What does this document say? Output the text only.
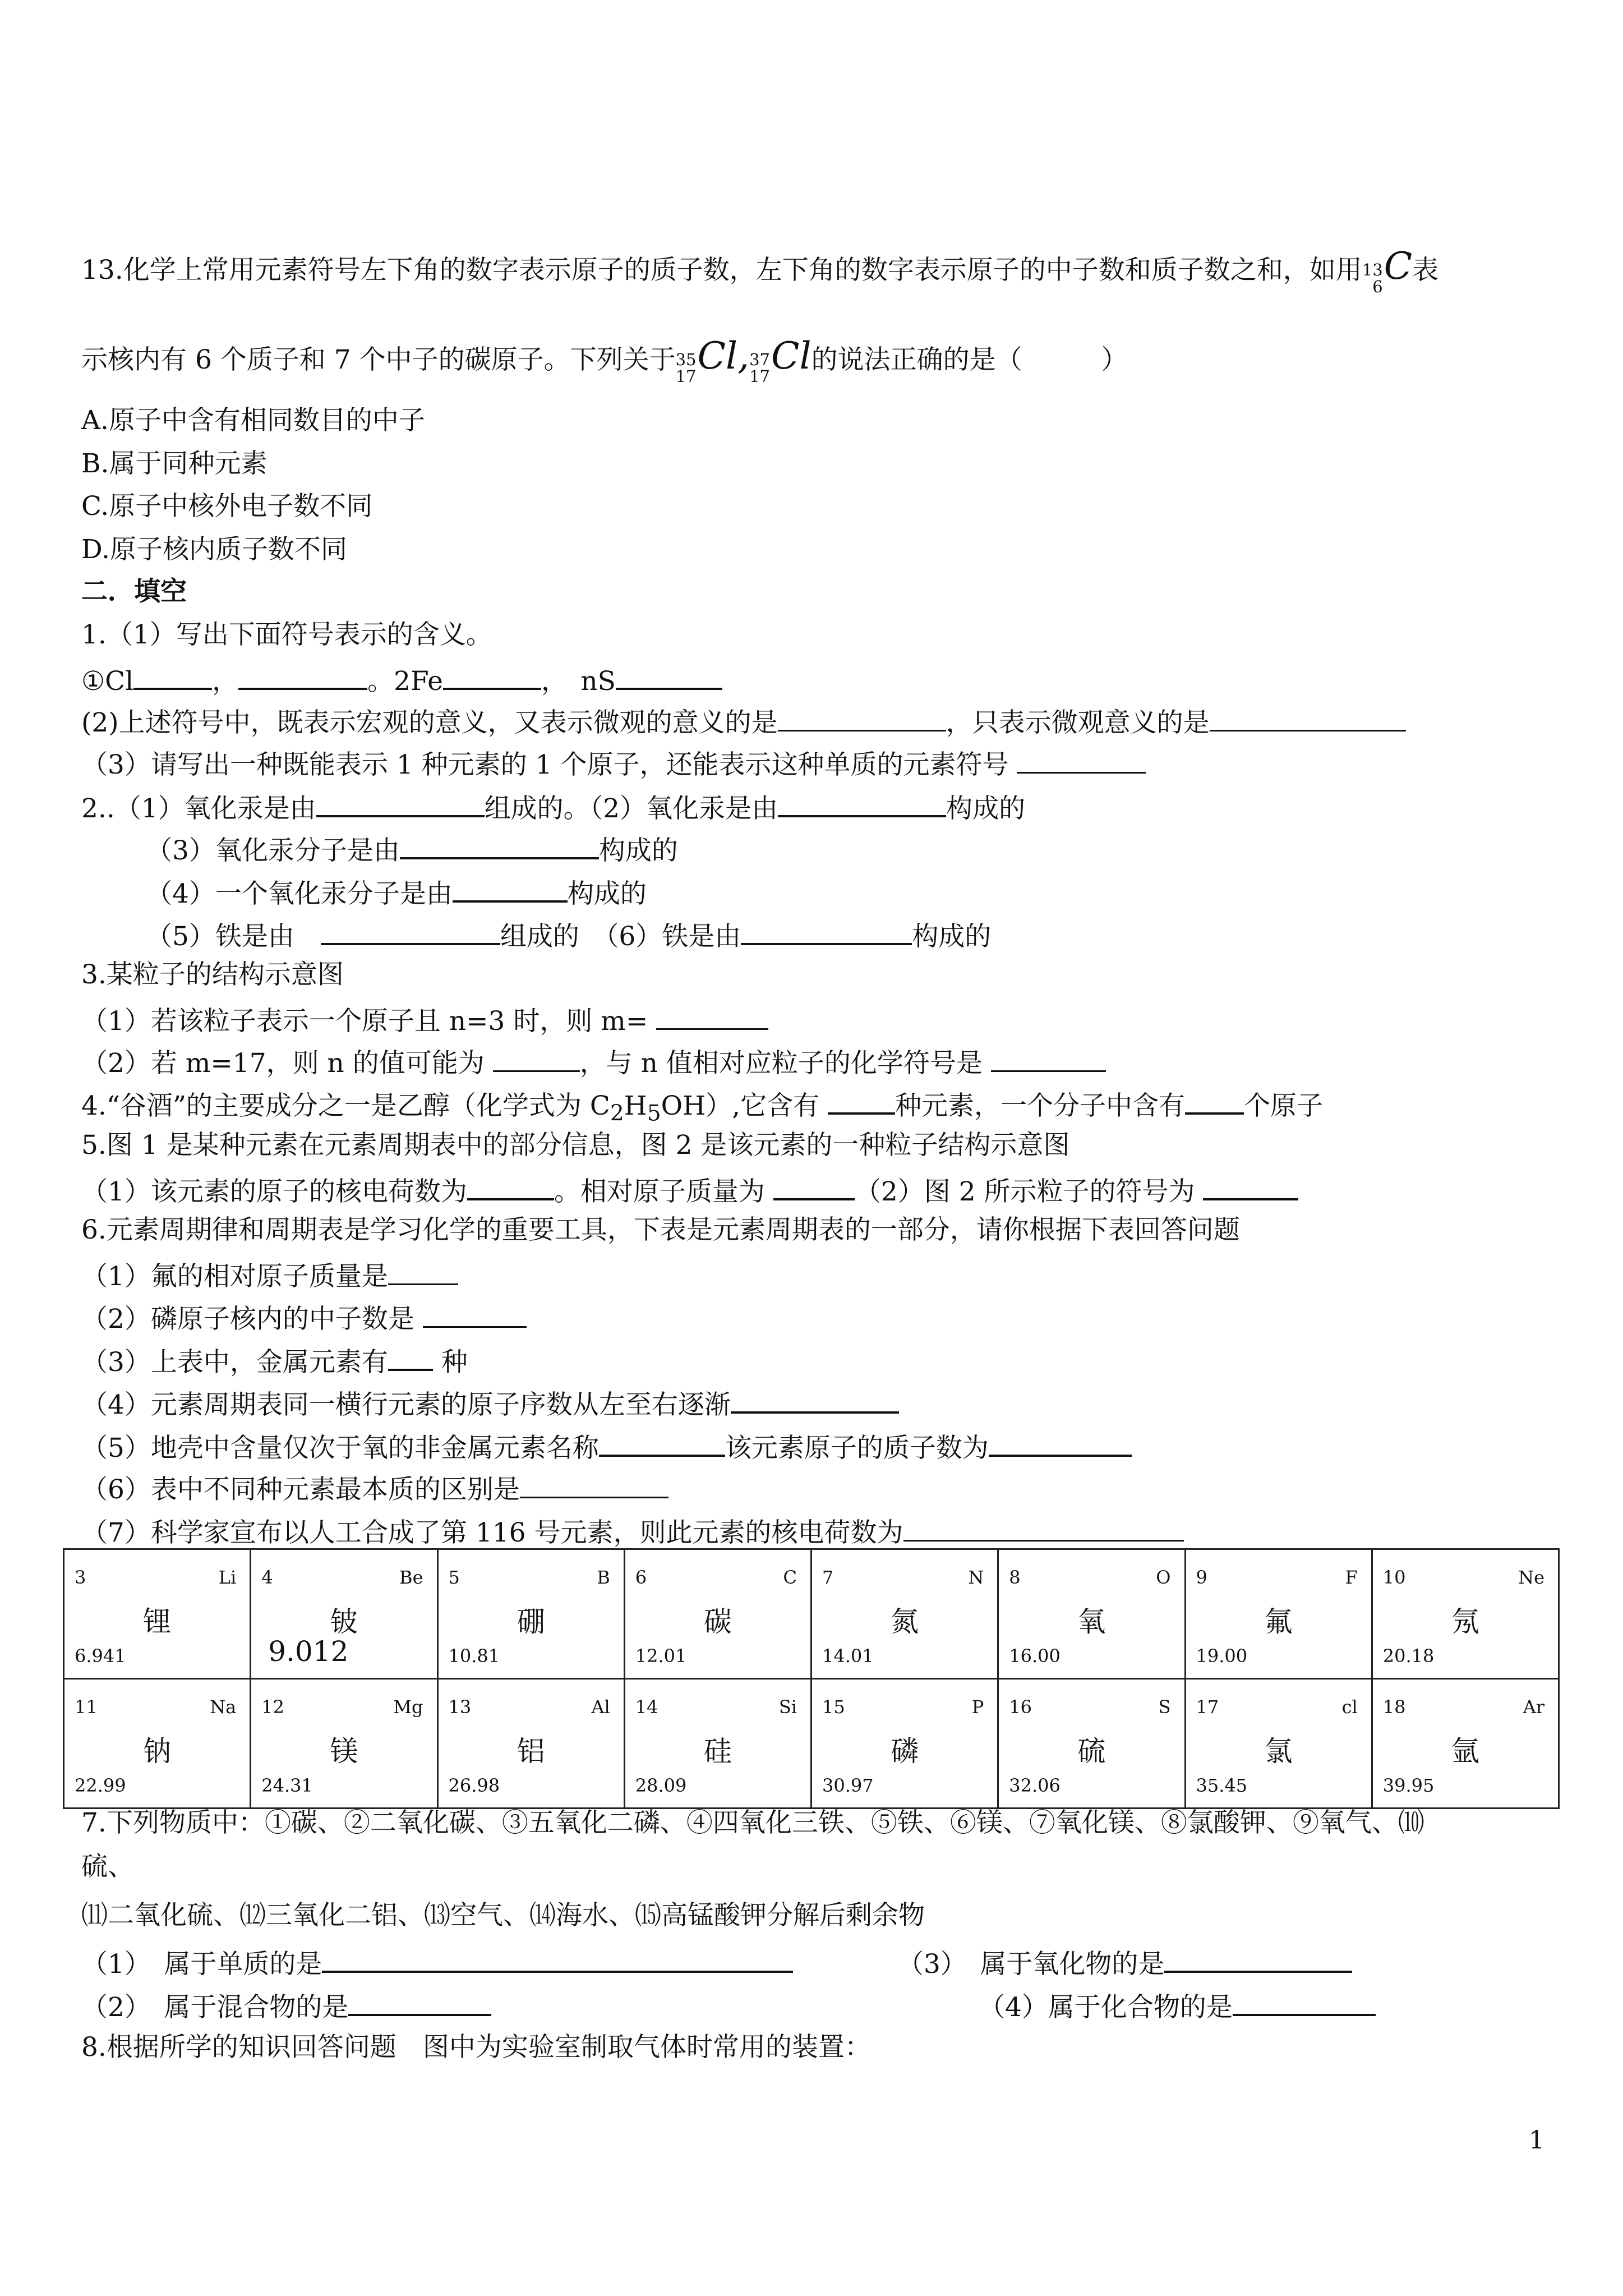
13.化学上常用元素符号左下角的数字表示原子的质子数，左下角的数字表示原子的中子数和质子数之和，如用 13
6 C 表
示核内有 6 个质子和 7 个中子的碳原子。下列关于 35
17 Cl , 37
17 Cl 的说法正确的是（　　　）
A.原子中含有相同数目的中子
B.属于同种元素
C.原子中核外电子数不同
D.原子核内质子数不同
二．填空
1.（1）写出下面符号表示的含义。
①Cl	，	。2Fe	，　nS
(2)上述符号中，既表示宏观的意义，又表示微观的意义的是	，只表示微观意义的是
（3）请写出一种既能表示 1 种元素的 1 个原子，还能表示这种单质的元素符号
2..（1）氧化汞是由	组成的。（2）氧化汞是由	构成的
（3）氧化汞分子是由	构成的
（4）一个氧化汞分子是由	构成的
（5）铁是由　	组成的　（6）铁是由	构成的
3.某粒子的结构示意图
（1）若该粒子表示一个原子且 n=3 时，则 m=
（2）若 m=17，则 n 的值可能为	，与 n 值相对应粒子的化学符号是
4.“谷酒”的主要成分之一是乙醇（化学式为 $C_2H_5OH$）,它含有	种元素，一个分子中含有 个原子
5.图 1 是某种元素在元素周期表中的部分信息，图 2 是该元素的一种粒子结构示意图
（1）该元素的原子的核电荷数为	。相对原子质量为	（2）图 2 所示粒子的符号为
6.元素周期律和周期表是学习化学的重要工具，下表是元素周期表的一部分，请你根据下表回答问题
（1）氟的相对原子质量是
（2）磷原子核内的中子数是
（3）上表中，金属元素有 种
（4）元素周期表同一横行元素的原子序数从左至右逐渐
（5）地壳中含量仅次于氧的非金属元素名称	该元素原子的质子数为
（6）表中不同种元素最本质的区别是
（7）科学家宣布以人工合成了第 116 号元素，则此元素的核电荷数为
3 Li
锂
6.941	4 Be
铍
9.012	5 B
硼
10.81	6 C
碳
12.01	7 N
氮
14.01	8 O
氧
16.00	9 F
氟
19.00	10 Ne
氖
20.18

11 Na
钠
22.99	12 Mg
镁
24.31	13 Al
铝
26.98	14 Si
硅
28.09	15 P
磷
30.97	16 S
硫
32.06	17 cl
氯
35.45	18 Ar
氩
39.95
7.下列物质中：①碳、②二氧化碳、③五氧化二磷、④四氧化三铁、⑤铁、⑥镁、⑦氧化镁、⑧氯酸钾、⑨氧气、⑽
硫、
⑾二氧化硫、⑿三氧化二铝、⒀空气、⒁海水、⒂高锰酸钾分解后剩余物
（1）　属于单质的是	（3）　属于氧化物的是
（2）　属于混合物的是	（4）属于化合物的是
8.根据所学的知识回答问题　图中为实验室制取气体时常用的装置：
1
